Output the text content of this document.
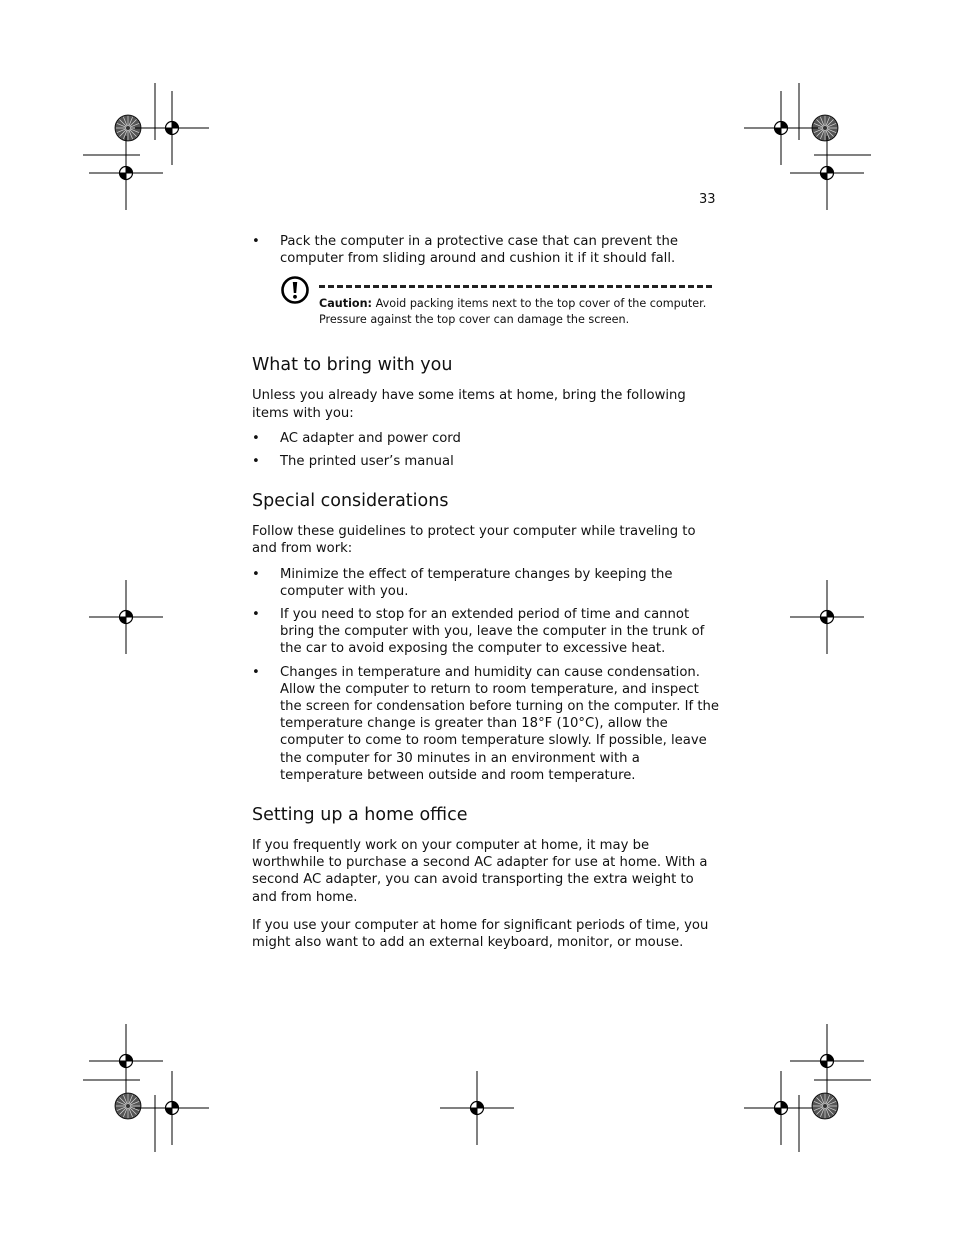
33

• Pack the computer in a protective case that can prevent the computer from sliding around and cushion it if it should fall.

Caution: Avoid packing items next to the top cover of the computer. Pressure against the top cover can damage the screen.

What to bring with you

Unless you already have some items at home, bring the following items with you:

• AC adapter and power cord

• The printed user’s manual

Special considerations

Follow these guidelines to protect your computer while traveling to and from work:

• Minimize the effect of temperature changes by keeping the computer with you.

• If you need to stop for an extended period of time and cannot bring the computer with you, leave the computer in the trunk of the car to avoid exposing the computer to excessive heat.

• Changes in temperature and humidity can cause condensation. Allow the computer to return to room temperature, and inspect the screen for condensation before turning on the computer. If the temperature change is greater than 18°F (10°C), allow the computer to come to room temperature slowly. If possible, leave the computer for 30 minutes in an environment with a temperature between outside and room temperature.

Setting up a home office

If you frequently work on your computer at home, it may be worthwhile to purchase a second AC adapter for use at home. With a second AC adapter, you can avoid transporting the extra weight to and from home.

If you use your computer at home for significant periods of time, you might also want to add an external keyboard, monitor, or mouse.
